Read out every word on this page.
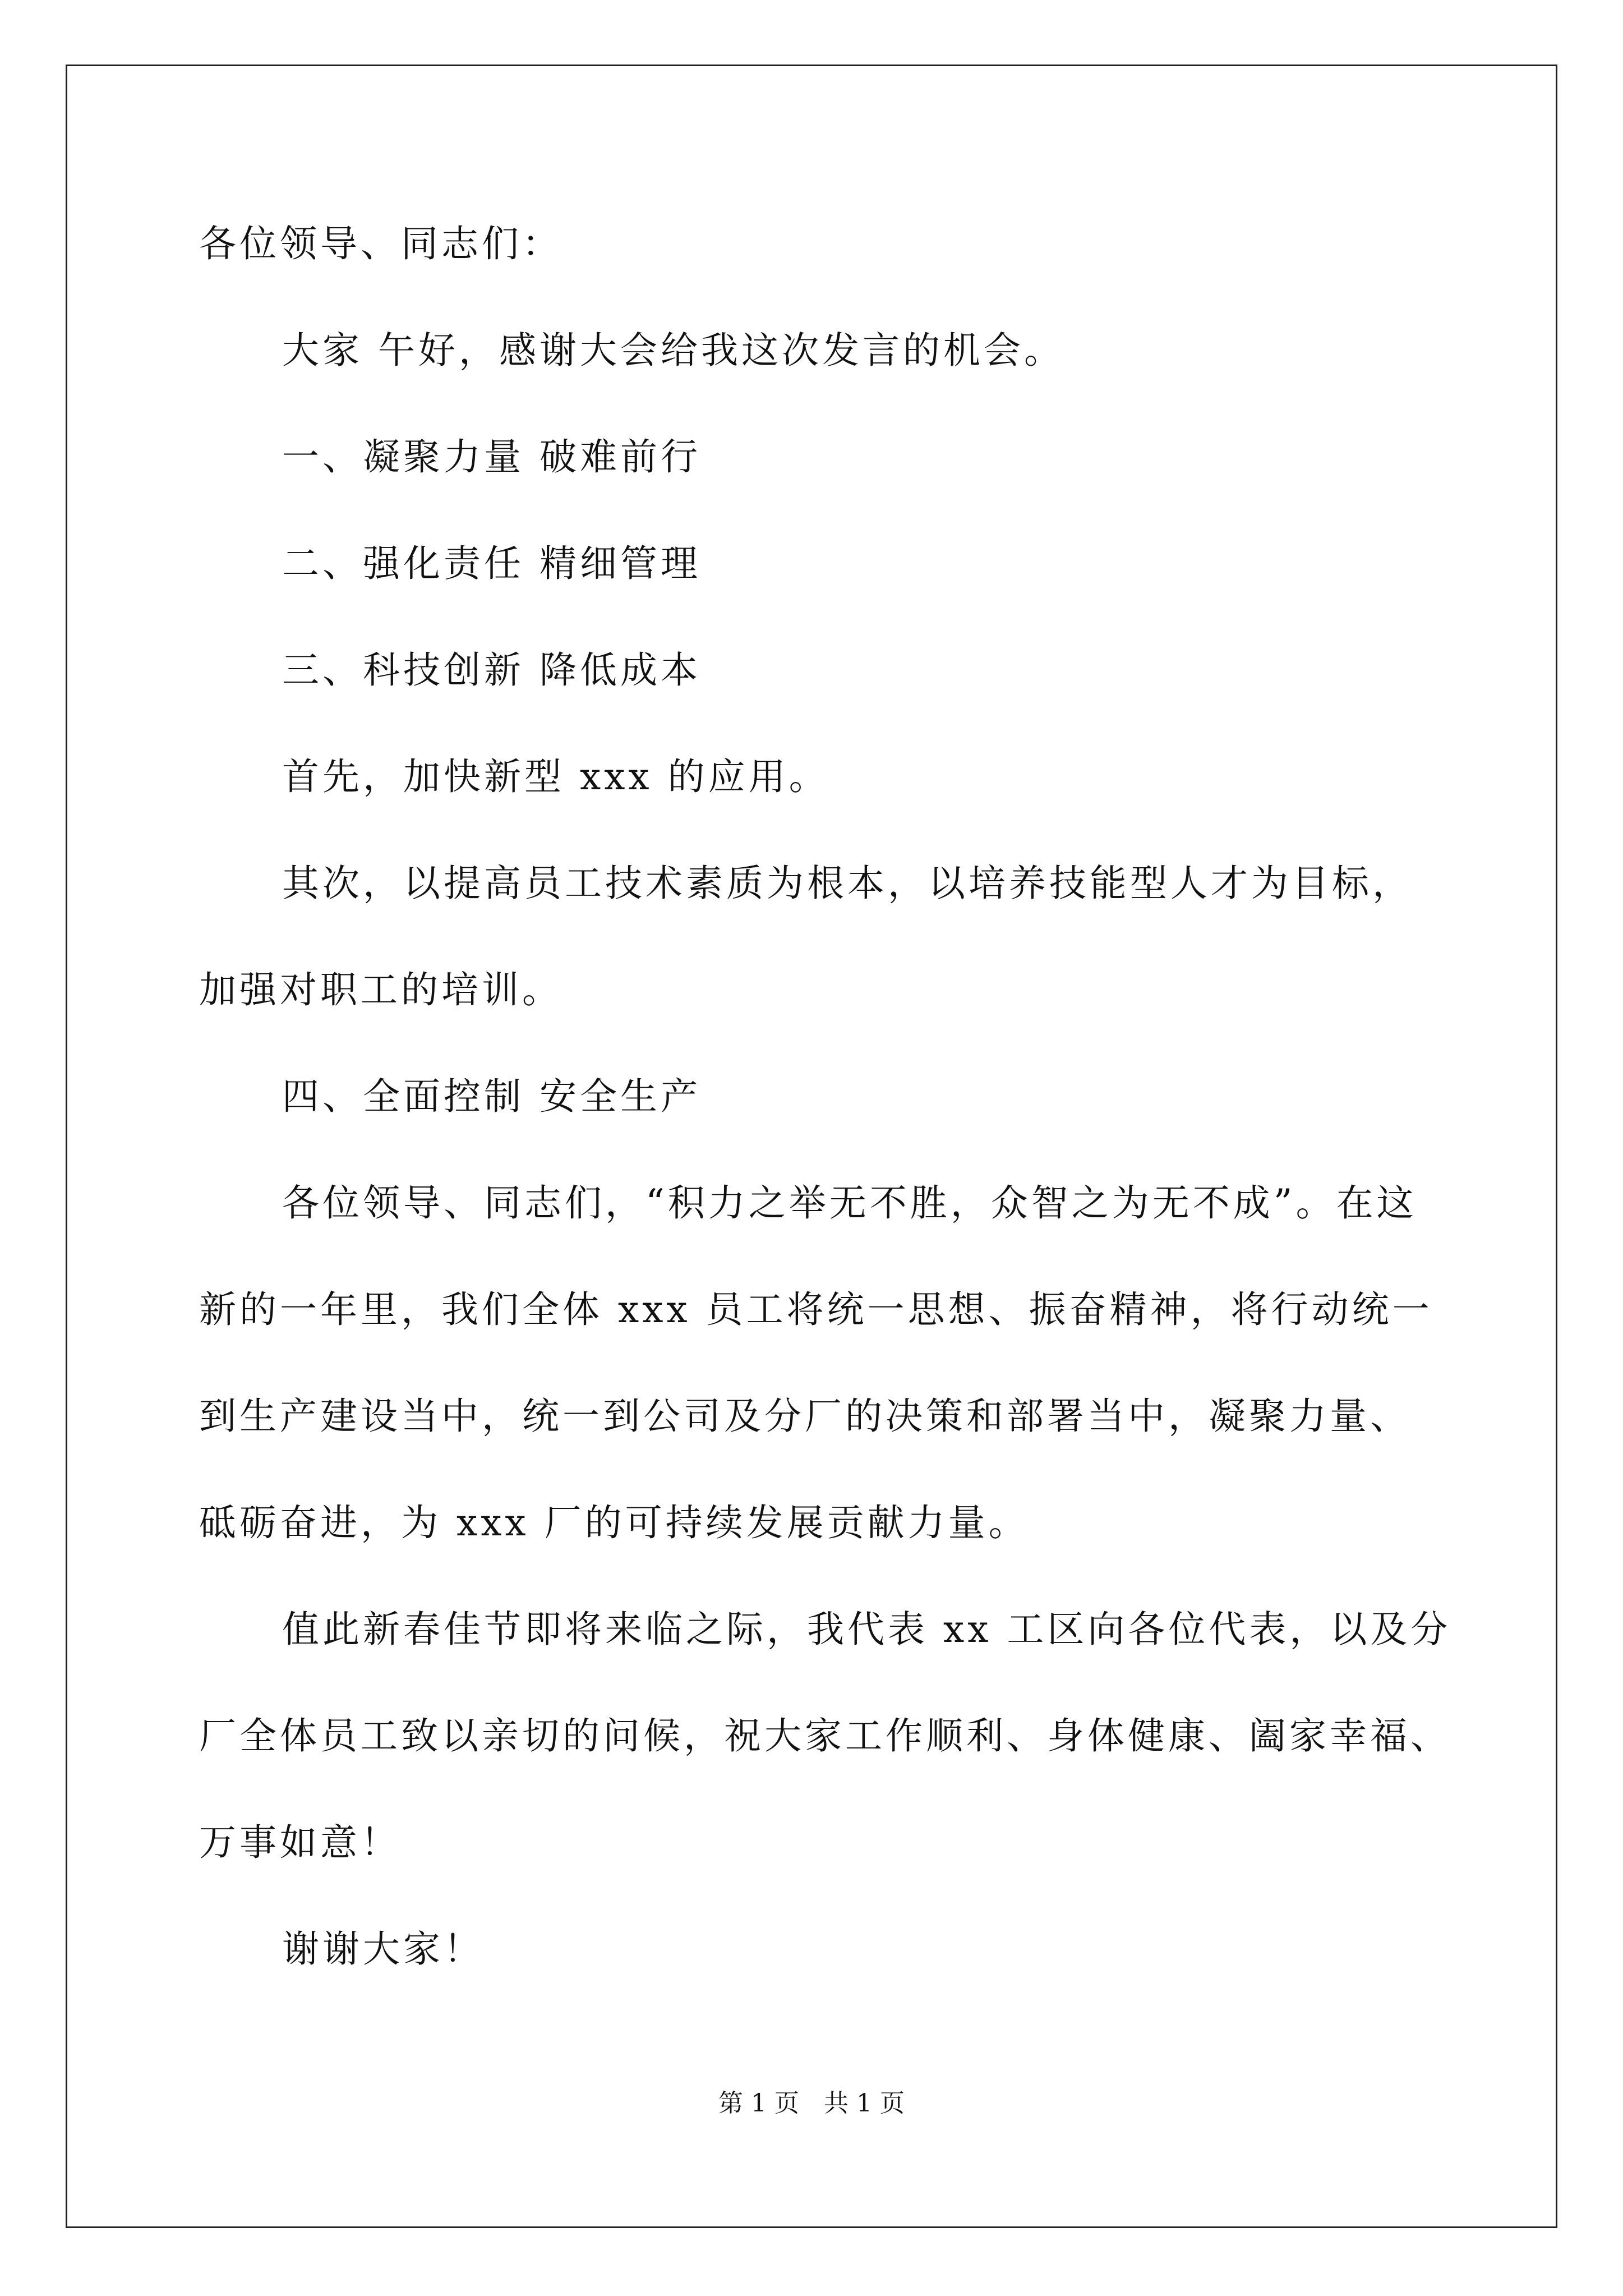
各位领导、同志们：
大家 午好，感谢大会给我这次发言的机会。
一、凝聚力量 破难前行
二、强化责任 精细管理
三、科技创新 降低成本
首先，加快新型 xxx 的应用。
其次，以提高员工技术素质为根本，以培养技能型人才为目标，
加强对职工的培训。
四、全面控制 安全生产
各位领导、同志们，“积力之举无不胜，众智之为无不成”。在这
新的一年里，我们全体 xxx 员工将统一思想、振奋精神，将行动统一
到生产建设当中，统一到公司及分厂的决策和部署当中，凝聚力量、
砥砺奋进，为 xxx 厂的可持续发展贡献力量。
值此新春佳节即将来临之际，我代表 xx 工区向各位代表，以及分
厂全体员工致以亲切的问候，祝大家工作顺利、身体健康、阖家幸福、
万事如意！
谢谢大家！
第 1 页　共 1 页
